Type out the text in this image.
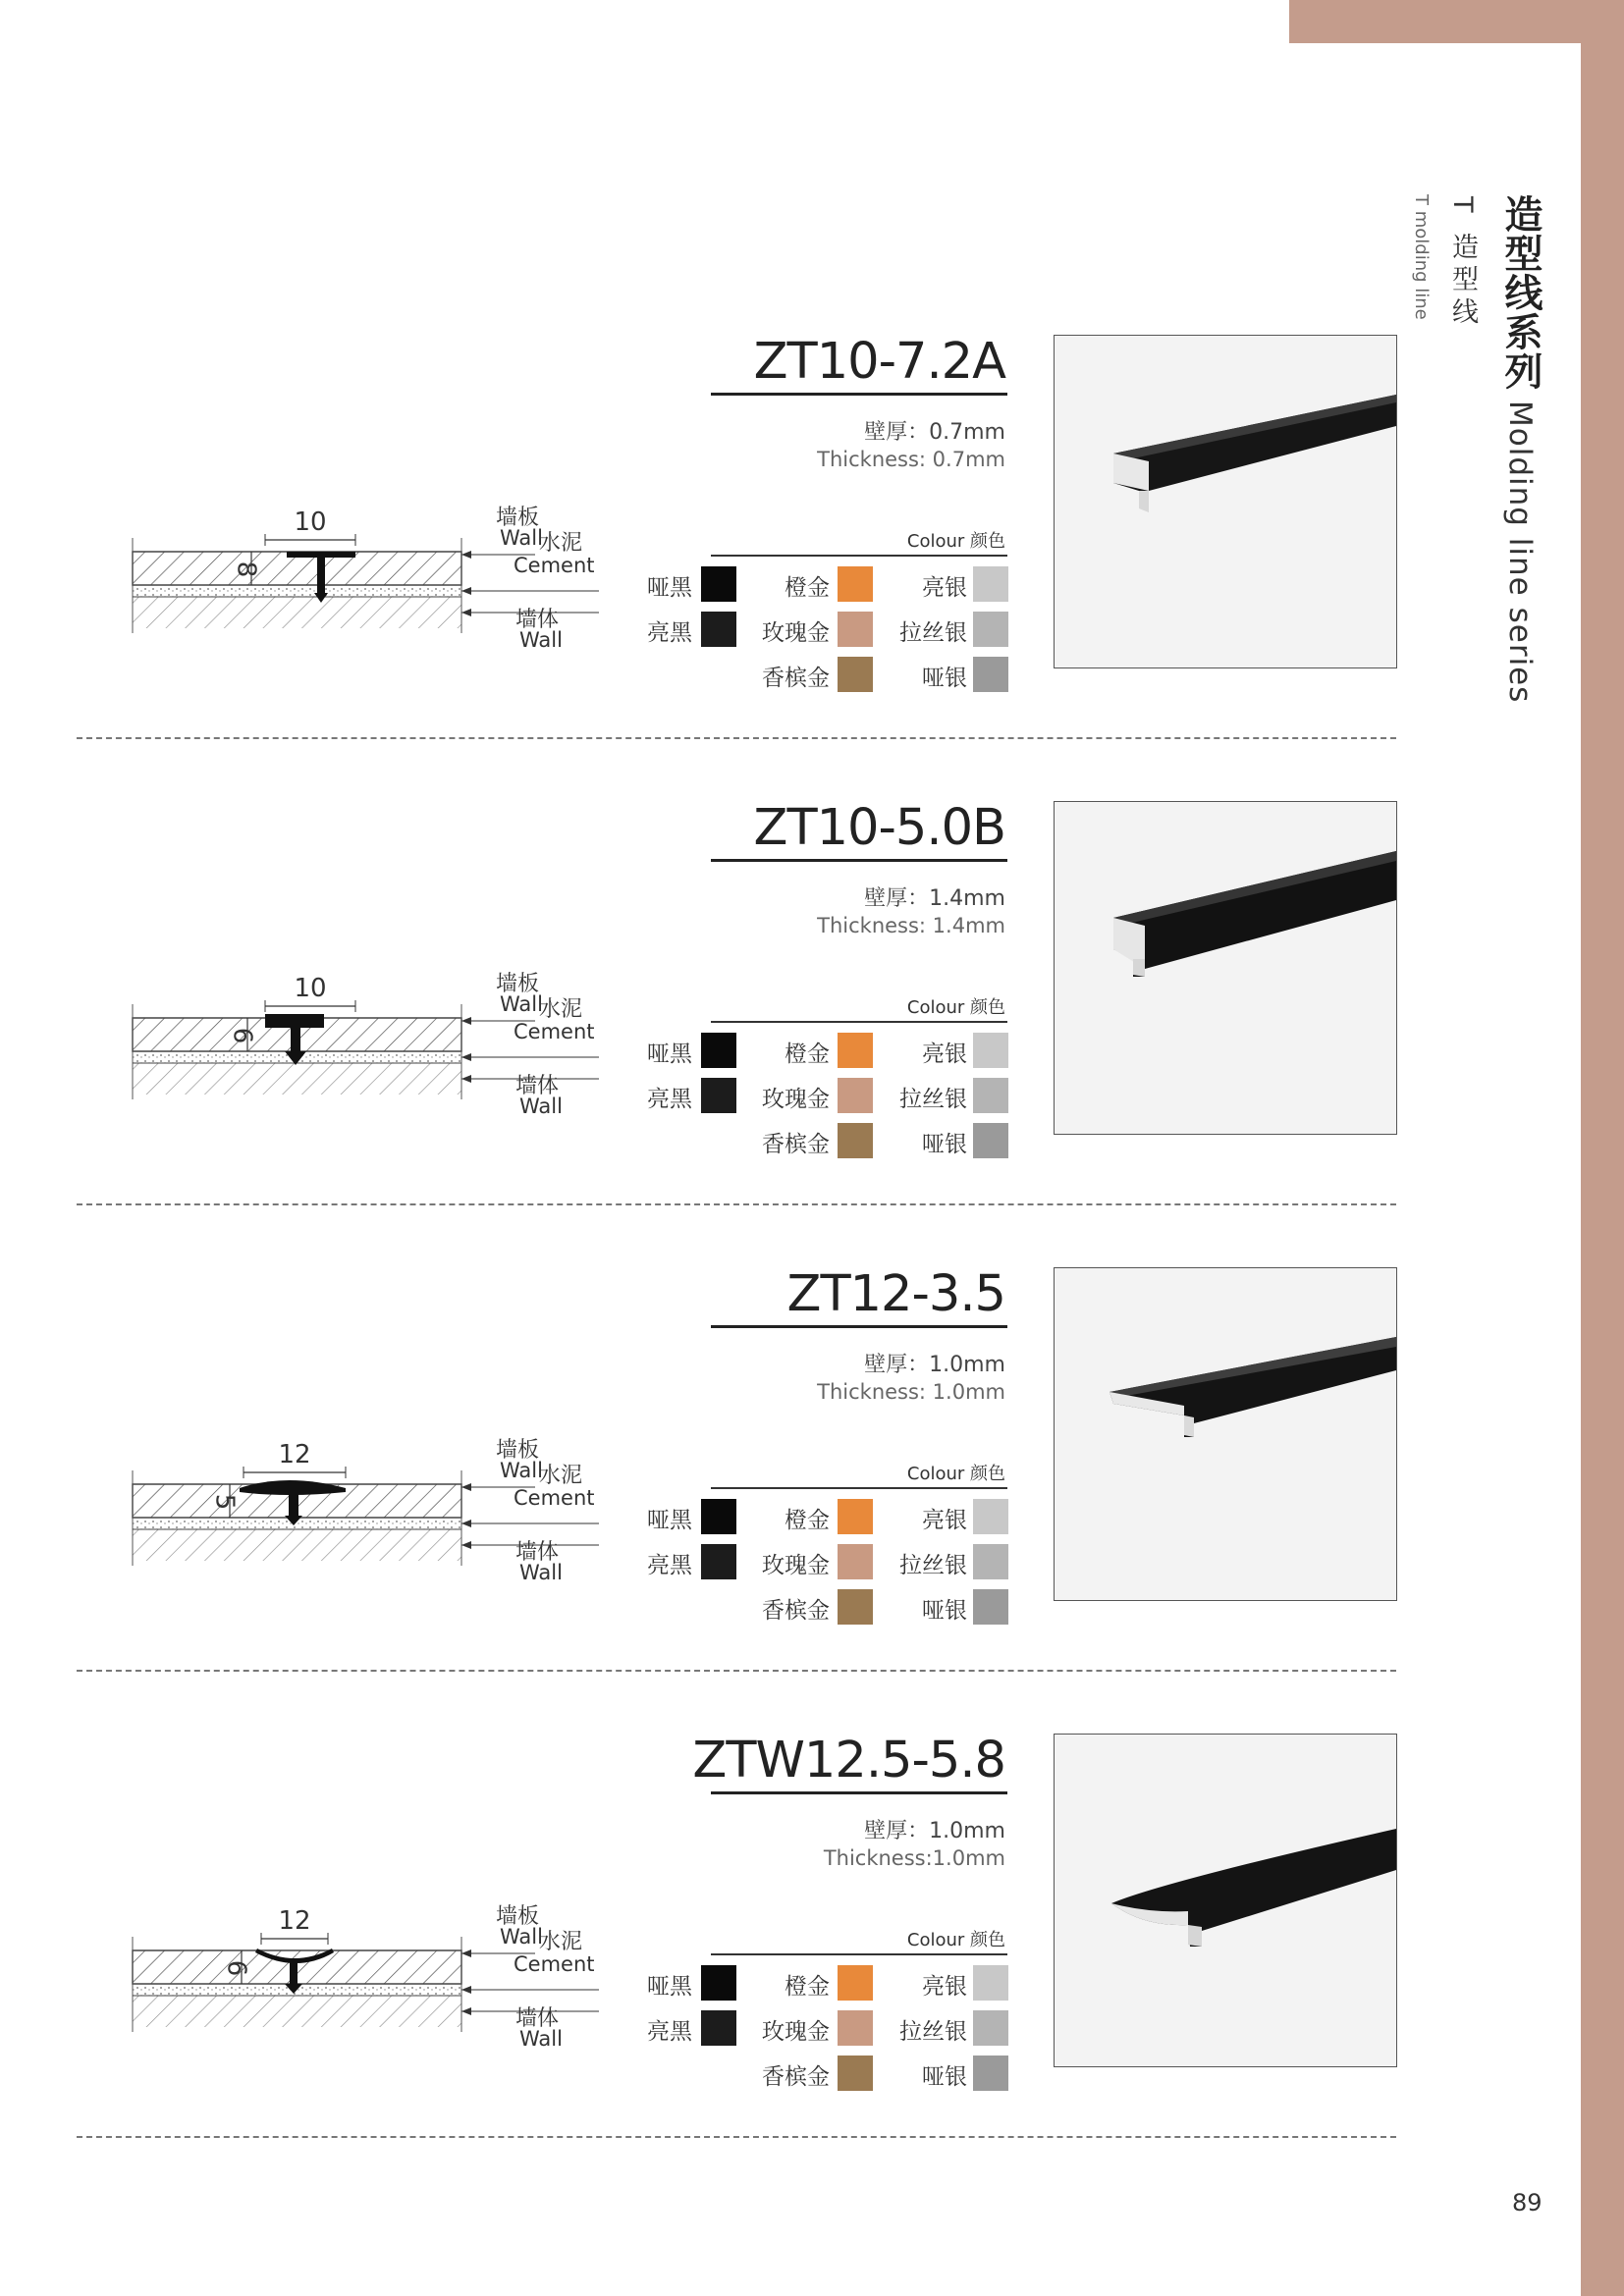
造型线系列Molding line series
T 造型线
T molding line
ZT10-7.2A
壁厚：0.7mm
Thickness: 0.7mm
Colour 颜色
哑黑
亮黑
橙金
玫瑰金
香槟金
亮银
拉丝银
哑银
10
8
墙板
Wall
水泥
Cement
墙体
Wall
ZT10-5.0B
壁厚：1.4mm
Thickness: 1.4mm
Colour 颜色
哑黑
亮黑
橙金
玫瑰金
香槟金
亮银
拉丝银
哑银
10
6
墙板
Wall
水泥
Cement
墙体
Wall
ZT12-3.5
壁厚：1.0mm
Thickness: 1.0mm
Colour 颜色
哑黑
亮黑
橙金
玫瑰金
香槟金
亮银
拉丝银
哑银
12
5
墙板
Wall
水泥
Cement
墙体
Wall
ZTW12.5-5.8
壁厚：1.0mm
Thickness:1.0mm
Colour 颜色
哑黑
亮黑
橙金
玫瑰金
香槟金
亮银
拉丝银
哑银
12
6
墙板
Wall
水泥
Cement
墙体
Wall
89
